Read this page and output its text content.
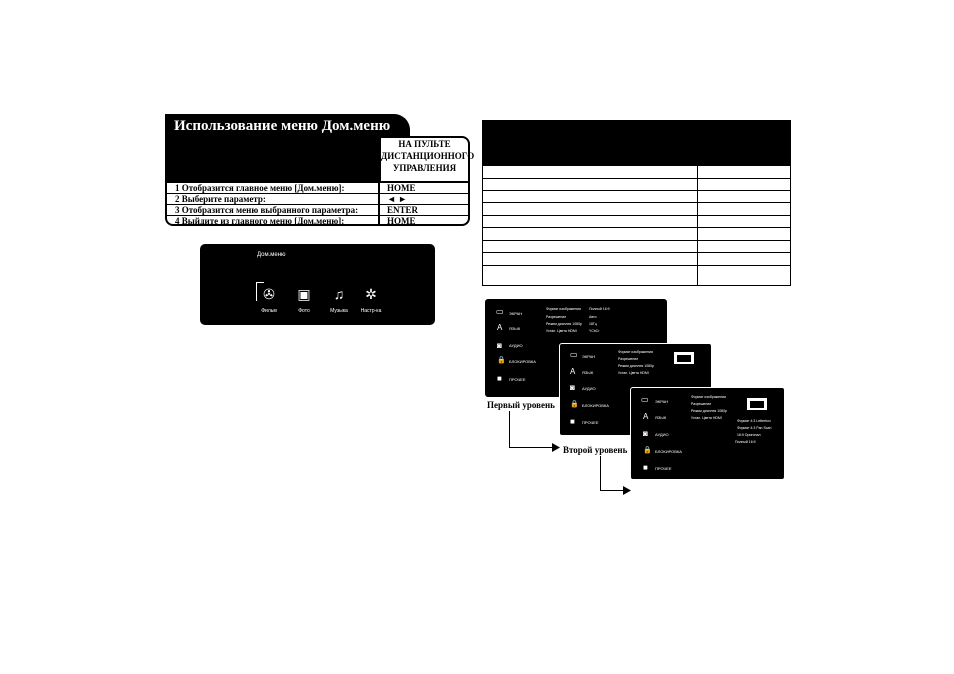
Использование меню Дом.меню
НА ПУЛЬТЕ
ДИСТАНЦИОННОГО
УПРАВЛЕНИЯ
1 Отобразится главное меню [Дом.меню]:	HOME
2 Выберите параметр:	◄ ►
3 Отобразится меню выбранного параметра:	ENTER
4 Выйдите из главного меню [Дом.меню]:	HOME
Дом.меню
✇
Фильм
▣
Фото
♫
Музыка
✲
Настр-ка	▭ ЭКРАН
A ЯЗЫК
◙ АУДИО
🔒 БЛОКИРОВКА
■ ПРОЧЕЕ
Формат изображения Полный 16:9
Разрешение	Авто
Режим дисплея 1080р 18Гц
Устан. Цвета HDMI	YCbCr
▭ ЭКРАН
A ЯЗЫК
◙ АУДИО
🔒 БЛОКИРОВКА
■ ПРОЧЕЕ
Формат изображения
Разрешение
Режим дисплея 1080р
Устан. Цвета HDMI
▭ ЭКРАН
A ЯЗЫК
◙ АУДИО
🔒 БЛОКИРОВКА
■ ПРОЧЕЕ
Формат изображения
Разрешение
Режим дисплея 1080р
Устан. Цвета HDMI
Формат 4:3 Letterbox
Формат 4:3 Pan Scan
16:9 Оригинал
Полный 16:9
Первый уровень
Второй уровень
